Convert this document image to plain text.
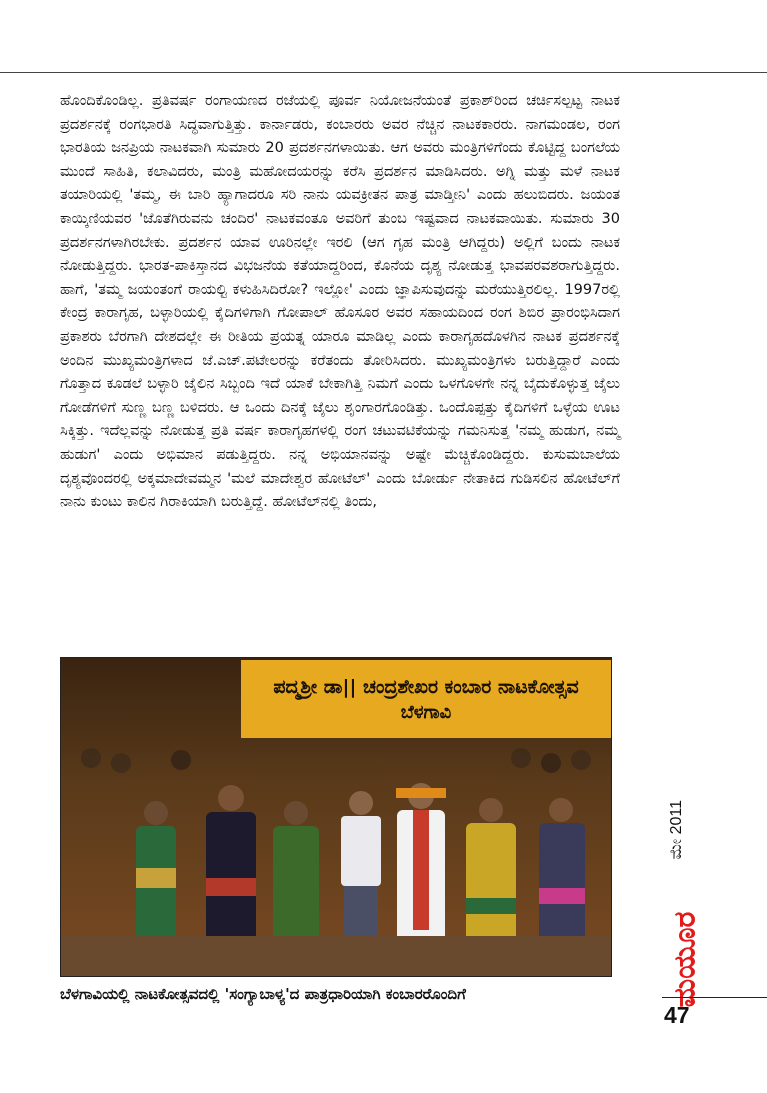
ಹೊಂದಿಕೊಂಡಿಲ್ಲ. ಪ್ರತಿವರ್ಷ ರಂಗಾಯಣದ ರಜೆಯಲ್ಲಿ ಪೂರ್ವ ನಿಯೋಜನೆಯಂತೆ ಪ್ರಕಾಶ್‌ರಿಂದ ಚರ್ಚಿಸಲ್ಪಟ್ಟ ನಾಟಕ ಪ್ರದರ್ಶನಕ್ಕೆ ರಂಗಭಾರತಿ ಸಿದ್ಧವಾಗುತ್ತಿತ್ತು. ಕಾರ್ನಾಡರು, ಕಂಬಾರರು ಅವರ ನೆಚ್ಚಿನ ನಾಟಕಕಾರರು. ನಾಗಮಂಡಲ, ರಂಗ ಭಾರತಿಯ ಜನಪ್ರಿಯ ನಾಟಕವಾಗಿ ಸುಮಾರು 20 ಪ್ರದರ್ಶನಗಳಾಯಿತು. ಆಗ ಅವರು ಮಂತ್ರಿಗಳಿಗೆಂದು ಕೊಟ್ಟಿದ್ದ ಬಂಗಲೆಯ ಮುಂದೆ ಸಾಹಿತಿ, ಕಲಾವಿದರು, ಮಂತ್ರಿ ಮಹೋದಯರನ್ನು ಕರೆಸಿ ಪ್ರದರ್ಶನ ಮಾಡಿಸಿದರು. ಅಗ್ನಿ ಮತ್ತು ಮಳೆ ನಾಟಕ ತಯಾರಿಯಲ್ಲಿ 'ತಮ್ಮ, ಈ ಬಾರಿ ಹ್ಯಾಗಾದರೂ ಸರಿ ನಾನು ಯವಕ್ರೀತನ ಪಾತ್ರ ಮಾಡ್ತೀನಿ' ಎಂದು ಹಲುಬಿದರು. ಜಯಂತ ಕಾಯ್ಕಿಣಿಯವರ 'ಜೊತೆಗಿರುವನು ಚಂದಿರ' ನಾಟಕವಂತೂ ಅವರಿಗೆ ತುಂಬ ಇಷ್ಟವಾದ ನಾಟಕವಾಯಿತು. ಸುಮಾರು 30 ಪ್ರದರ್ಶನಗಳಾಗಿರಬೇಕು. ಪ್ರದರ್ಶನ ಯಾವ ಊರಿನಲ್ಲೇ ಇರಲಿ (ಆಗ ಗೃಹ ಮಂತ್ರಿ ಆಗಿದ್ದರು) ಅಲ್ಲಿಗೆ ಬಂದು ನಾಟಕ ನೋಡುತ್ತಿದ್ದರು. ಭಾರತ-ಪಾಕಿಸ್ತಾನದ ವಿಭಜನೆಯ ಕತೆಯಾದ್ದರಿಂದ, ಕೊನೆಯ ದೃಶ್ಯ ನೋಡುತ್ತ ಭಾವಪರವಶರಾಗುತ್ತಿದ್ದರು. ಹಾಗೆ, 'ತಮ್ಮ ಜಯಂತಂಗೆ ರಾಯಲ್ಟಿ ಕಳುಹಿಸಿದಿರೋ? ಇಲ್ಲೋ' ಎಂದು ಜ್ಞಾಪಿಸುವುದನ್ನು ಮರೆಯುತ್ತಿರಲಿಲ್ಲ. 1997ರಲ್ಲಿ ಕೇಂದ್ರ ಕಾರಾಗೃಹ, ಬಳ್ಳಾರಿಯಲ್ಲಿ ಕೈದಿಗಳಿಗಾಗಿ ಗೋಪಾಲ್ ಹೊಸೂರ ಅವರ ಸಹಾಯದಿಂದ ರಂಗ ಶಿಬಿರ ಪ್ರಾರಂಭಿಸಿದಾಗ ಪ್ರಕಾಶರು ಬೆರಗಾಗಿ ದೇಶದಲ್ಲೇ ಈ ರೀತಿಯ ಪ್ರಯತ್ನ ಯಾರೂ ಮಾಡಿಲ್ಲ ಎಂದು ಕಾರಾಗೃಹದೊಳಗಿನ ನಾಟಕ ಪ್ರದರ್ಶನಕ್ಕೆ ಅಂದಿನ ಮುಖ್ಯಮಂತ್ರಿಗಳಾದ ಜೆ.ಎಚ್.ಪಟೇಲರನ್ನು ಕರೆತಂದು ತೋರಿಸಿದರು. ಮುಖ್ಯಮಂತ್ರಿಗಳು ಬರುತ್ತಿದ್ದಾರೆ ಎಂದು ಗೊತ್ತಾದ ಕೂಡಲೆ ಬಳ್ಳಾರಿ ಜೈಲಿನ ಸಿಬ್ಬಂದಿ ಇದೆ ಯಾಕೆ ಬೇಕಾಗಿತ್ತಿ ನಿಮಗೆ ಎಂದು ಒಳಗೊಳಗೇ ನನ್ನ ಬೈದುಕೊಳ್ಳುತ್ತ ಜೈಲು ಗೋಡೆಗಳಿಗೆ ಸುಣ್ಣ ಬಣ್ಣ ಬಳಿದರು. ಆ ಒಂದು ದಿನಕ್ಕೆ ಜೈಲು ಶೃಂಗಾರಗೊಂಡಿತ್ತು. ಒಂದೊಪ್ಪತ್ತು ಕೈದಿಗಳಿಗೆ ಒಳ್ಳೆಯ ಊಟ ಸಿಕ್ಕಿತ್ತು. ಇದೆಲ್ಲವನ್ನು ನೋಡುತ್ತ ಪ್ರತಿ ವರ್ಷ ಕಾರಾಗೃಹಗಳಲ್ಲಿ ರಂಗ ಚಟುವಟಿಕೆಯನ್ನು ಗಮನಿಸುತ್ತ 'ನಮ್ಮ ಹುಡುಗ, ನಮ್ಮ ಹುಡುಗ' ಎಂದು ಅಭಿಮಾನ ಪಡುತ್ತಿದ್ದರು. ನನ್ನ ಅಭಿಯಾನವನ್ನು ಅಷ್ಟೇ ಮೆಚ್ಚಿಕೊಂಡಿದ್ದರು. ಕುಸುಮಬಾಲೆಯ ದೃಶ್ಯವೊಂದರಲ್ಲಿ ಅಕ್ಕಮಾದೇವಮ್ಮನ 'ಮಲೆ ಮಾದೇಶ್ವರ ಹೋಟೆಲ್' ಎಂದು ಬೋರ್ಡು ನೇತಾಕಿದ ಗುಡಿಸಲಿನ ಹೋಟೆಲ್‌ಗೆ ನಾನು ಕುಂಟು ಕಾಲಿನ ಗಿರಾಕಿಯಾಗಿ ಬರುತ್ತಿದ್ದೆ. ಹೋಟೆಲ್‌ನಲ್ಲಿ ತಿಂದು,

ಪದ್ಮಶ್ರೀ ಡಾ|| ಚಂದ್ರಶೇಖರ ಕಂಬಾರ ನಾಟಕೋತ್ಸವ
ಬೆಳಗಾವಿ
ಬೆಳಗಾವಿಯಲ್ಲಿ ನಾಟಕೋತ್ಸವದಲ್ಲಿ 'ಸಂಗ್ಯಾಬಾಳ್ಯ'ದ ಪಾತ್ರಧಾರಿಯಾಗಿ ಕಂಬಾರರೊಂದಿಗೆ
ಮೇ 2011
ಮಯೂರ
47
